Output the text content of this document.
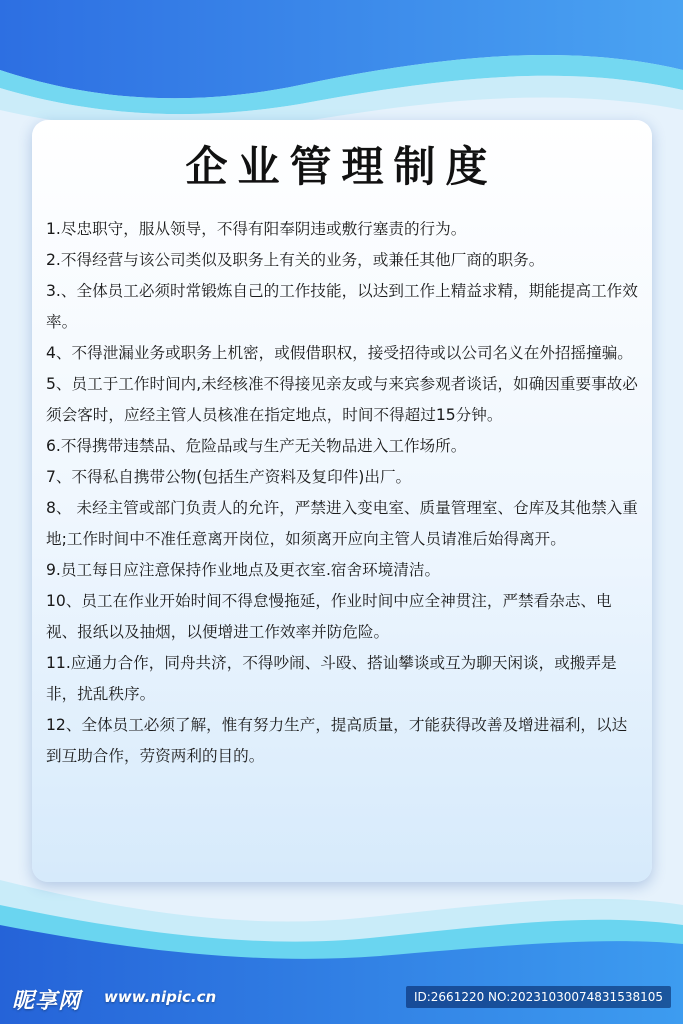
企业管理制度
1.尽忠职守，服从领导，不得有阳奉阴违或敷行塞责的行为。
2.不得经营与该公司类似及职务上有关的业务，或兼任其他厂商的职务。
3.、全体员工必须时常锻炼自己的工作技能，以达到工作上精益求精，期能提高工作效率。
4、不得泄漏业务或职务上机密，或假借职权，接受招待或以公司名义在外招摇撞骗。
5、员工于工作时间内,未经核准不得接见亲友或与来宾参观者谈话，如确因重要事故必须会客时，应经主管人员核准在指定地点，时间不得超过15分钟。
6.不得携带违禁品、危险品或与生产无关物品进入工作场所。
7、不得私自携带公物(包括生产资料及复印件)出厂。
8、 未经主管或部门负责人的允许，严禁进入变电室、质量管理室、仓库及其他禁入重地;工作时间中不准任意离开岗位，如须离开应向主管人员请准后始得离开。
9.员工每日应注意保持作业地点及更衣室.宿舍环境清洁。
10、员工在作业开始时间不得怠慢拖延，作业时间中应全神贯注，严禁看杂志、电视、报纸以及抽烟，以便增进工作效率并防危险。
11.应通力合作，同舟共济，不得吵闹、斗殴、搭讪攀谈或互为聊天闲谈，或搬弄是非，扰乱秩序。
12、全体员工必须了解，惟有努力生产，提高质量，才能获得改善及增进福利，以达到互助合作，劳资两利的目的。
昵享网 www.nipic.cn	ID:2661220 NO:20231030074831538105
